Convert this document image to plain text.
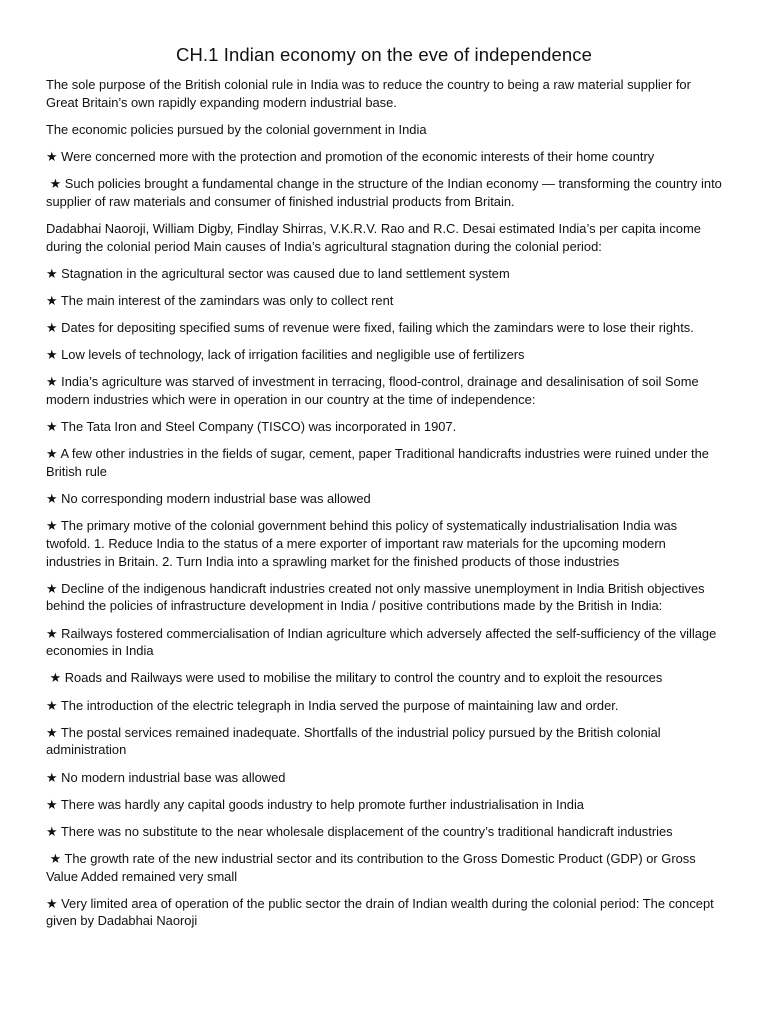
CH.1 Indian economy on the eve of independence

The sole purpose of the British colonial rule in India was to reduce the country to being a raw material supplier for Great Britain’s own rapidly expanding modern industrial base.

The economic policies pursued by the colonial government in India

★ Were concerned more with the protection and promotion of the economic interests of their home country

★ Such policies brought a fundamental change in the structure of the Indian economy — transforming the country into supplier of raw materials and consumer of finished industrial products from Britain.

Dadabhai Naoroji, William Digby, Findlay Shirras, V.K.R.V. Rao and R.C. Desai estimated India’s per capita income during the colonial period Main causes of India’s agricultural stagnation during the colonial period:

★ Stagnation in the agricultural sector was caused due to land settlement system

★ The main interest of the zamindars was only to collect rent

★ Dates for depositing specified sums of revenue were fixed, failing which the zamindars were to lose their rights.

★ Low levels of technology, lack of irrigation facilities and negligible use of fertilizers

★ India’s agriculture was starved of investment in terracing, flood-control, drainage and desalinisation of soil Some modern industries which were in operation in our country at the time of independence:

★ The Tata Iron and Steel Company (TISCO) was incorporated in 1907.

★ A few other industries in the fields of sugar, cement, paper Traditional handicrafts industries were ruined under the British rule

★ No corresponding modern industrial base was allowed

★ The primary motive of the colonial government behind this policy of systematically industrialisation India was twofold. 1. Reduce India to the status of a mere exporter of important raw materials for the upcoming modern industries in Britain. 2. Turn India into a sprawling market for the finished products of those industries

★ Decline of the indigenous handicraft industries created not only massive unemployment in India British objectives behind the policies of infrastructure development in India / positive contributions made by the British in India:

★ Railways fostered commercialisation of Indian agriculture which adversely affected the self-sufficiency of the village economies in India

★ Roads and Railways were used to mobilise the military to control the country and to exploit the resources

★ The introduction of the electric telegraph in India served the purpose of maintaining law and order.

★ The postal services remained inadequate. Shortfalls of the industrial policy pursued by the British colonial administration

★ No modern industrial base was allowed

★ There was hardly any capital goods industry to help promote further industrialisation in India

★ There was no substitute to the near wholesale displacement of the country’s traditional handicraft industries

★ The growth rate of the new industrial sector and its contribution to the Gross Domestic Product (GDP) or Gross Value Added remained very small

★ Very limited area of operation of the public sector the drain of Indian wealth during the colonial period: The concept given by Dadabhai Naoroji
